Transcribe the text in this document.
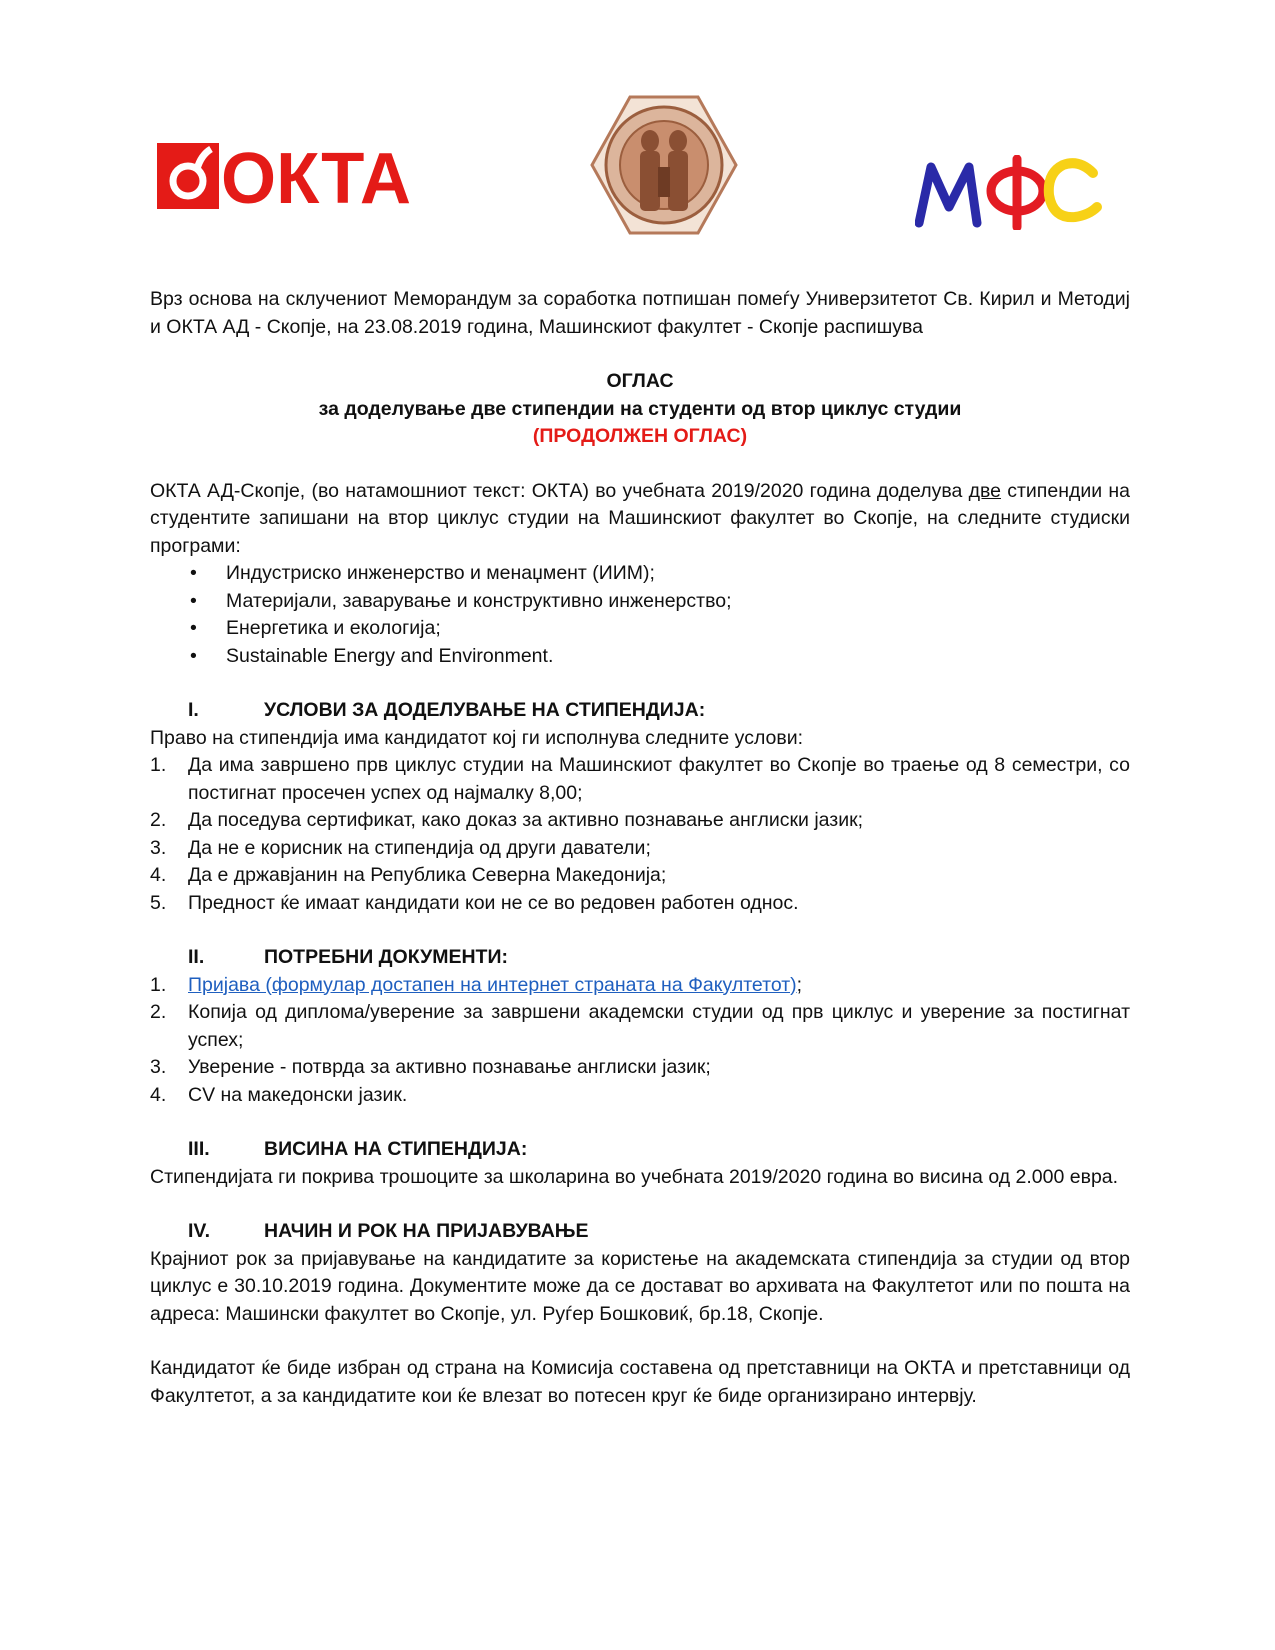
ОКТА

Врз основа на склучениот Меморандум за соработка потпишан помеѓу Универзитетот Св. Кирил и Методиј и ОКТА АД - Скопје, на 23.08.2019 година, Машинскиот факултет - Скопје распишува

ОГЛАС

за доделување две стипендии на студенти од втор циклус студии

(ПРОДОЛЖЕН ОГЛАС)

ОКТА АД-Скопје, (во натамошниот текст: ОКТА) во учебната 2019/2020 година доделува две стипендии на студентите запишани на втор циклус студии на Машинскиот факултет во Скопје, на следните студиски програми:

• Индустриско инженерство и менаџмент (ИИМ);
• Материјали, заварување и конструктивно инженерство;
• Енергетика и екологија;
• Sustainable Energy and Environment.

I.	УСЛОВИ ЗА ДОДЕЛУВАЊЕ НА СТИПЕНДИЈА:

Право на стипендија има кандидатот кој ги исполнува следните услови:

1. Да има завршено прв циклус студии на Машинскиот факултет во Скопје во траење од 8 семестри, со постигнат просечен успех од најмалку 8,00;
2. Да поседува сертификат, како доказ за активно познавање англиски јазик;
3. Да не е корисник на стипендија од други даватели;
4. Да е државјанин на Република Северна Македонија;
5. Предност ќе имаат кандидати кои не се во редовен работен однос.

II.	ПОТРЕБНИ ДОКУМЕНТИ:

1. Пријава (формулар достапен на интернет страната на Факултетот);
2. Копија од диплома/уверение за завршени академски студии од прв циклус и уверение за постигнат успех;
3. Уверение - потврда за активно познавање англиски јазик;
4. CV на македонски јазик.

III.	ВИСИНА НА СТИПЕНДИЈА:

Стипендијата ги покрива трошоците за школарина во учебната 2019/2020 година во висина од 2.000 евра.

IV.	НАЧИН И РОК НА ПРИЈАВУВАЊЕ

Крајниот рок за пријавување на кандидатите за користење на академската стипендија за студии од втор циклус е 30.10.2019 година. Документите може да се доставaт во архивата на Факултетот или по пошта на адреса: Машински факултет во Скопје, ул. Руѓер Бошковиќ, бр.18, Скопје.

Кандидатот ќе биде избран од страна на Комисија составена од претставници на ОКТА и претставници од Факултетот, а за кандидатите кои ќе влезат во потесен круг ќе биде организирано интервју.
